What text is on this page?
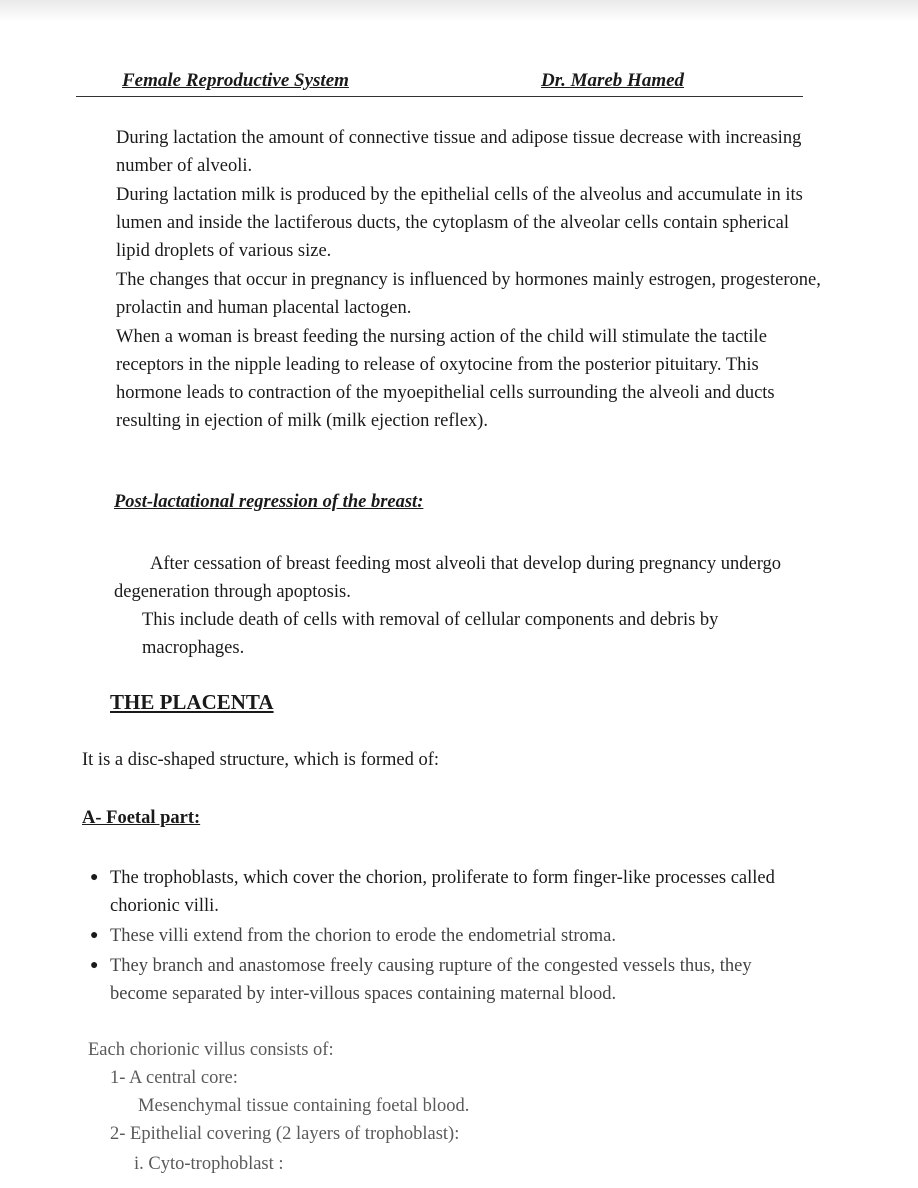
Female Reproductive System	Dr. Mareb Hamed
During lactation the amount of connective tissue and adipose tissue decrease with increasing number of alveoli.
During lactation milk is produced by the epithelial cells of the alveolus and accumulate in its lumen and inside the lactiferous ducts, the cytoplasm of the alveolar cells contain spherical lipid droplets of various size.
The changes that occur in pregnancy is influenced by hormones mainly estrogen, progesterone, prolactin and human placental lactogen.
When a woman is breast feeding the nursing action of the child will stimulate the tactile receptors in the nipple leading to release of oxytocine from the posterior pituitary. This hormone leads to contraction of the myoepithelial cells surrounding the alveoli and ducts resulting in ejection of milk (milk ejection reflex).
Post-lactational regression of the breast:
After cessation of breast feeding most alveoli that develop during pregnancy undergo degeneration through apoptosis.
This include death of cells with removal of cellular components and debris by macrophages.
THE PLACENTA
It is a disc-shaped structure, which is formed of:
A- Foetal part:
● The trophoblasts, which cover the chorion, proliferate to form finger-like processes called chorionic villi.
● These villi extend from the chorion to erode the endometrial stroma.
● They branch and anastomose freely causing rupture of the congested vessels thus, they become separated by inter-villous spaces containing maternal blood.
Each chorionic villus consists of:
1- A central core:
Mesenchymal tissue containing foetal blood.
2- Epithelial covering (2 layers of trophoblast):
i. Cyto-trophoblast :
